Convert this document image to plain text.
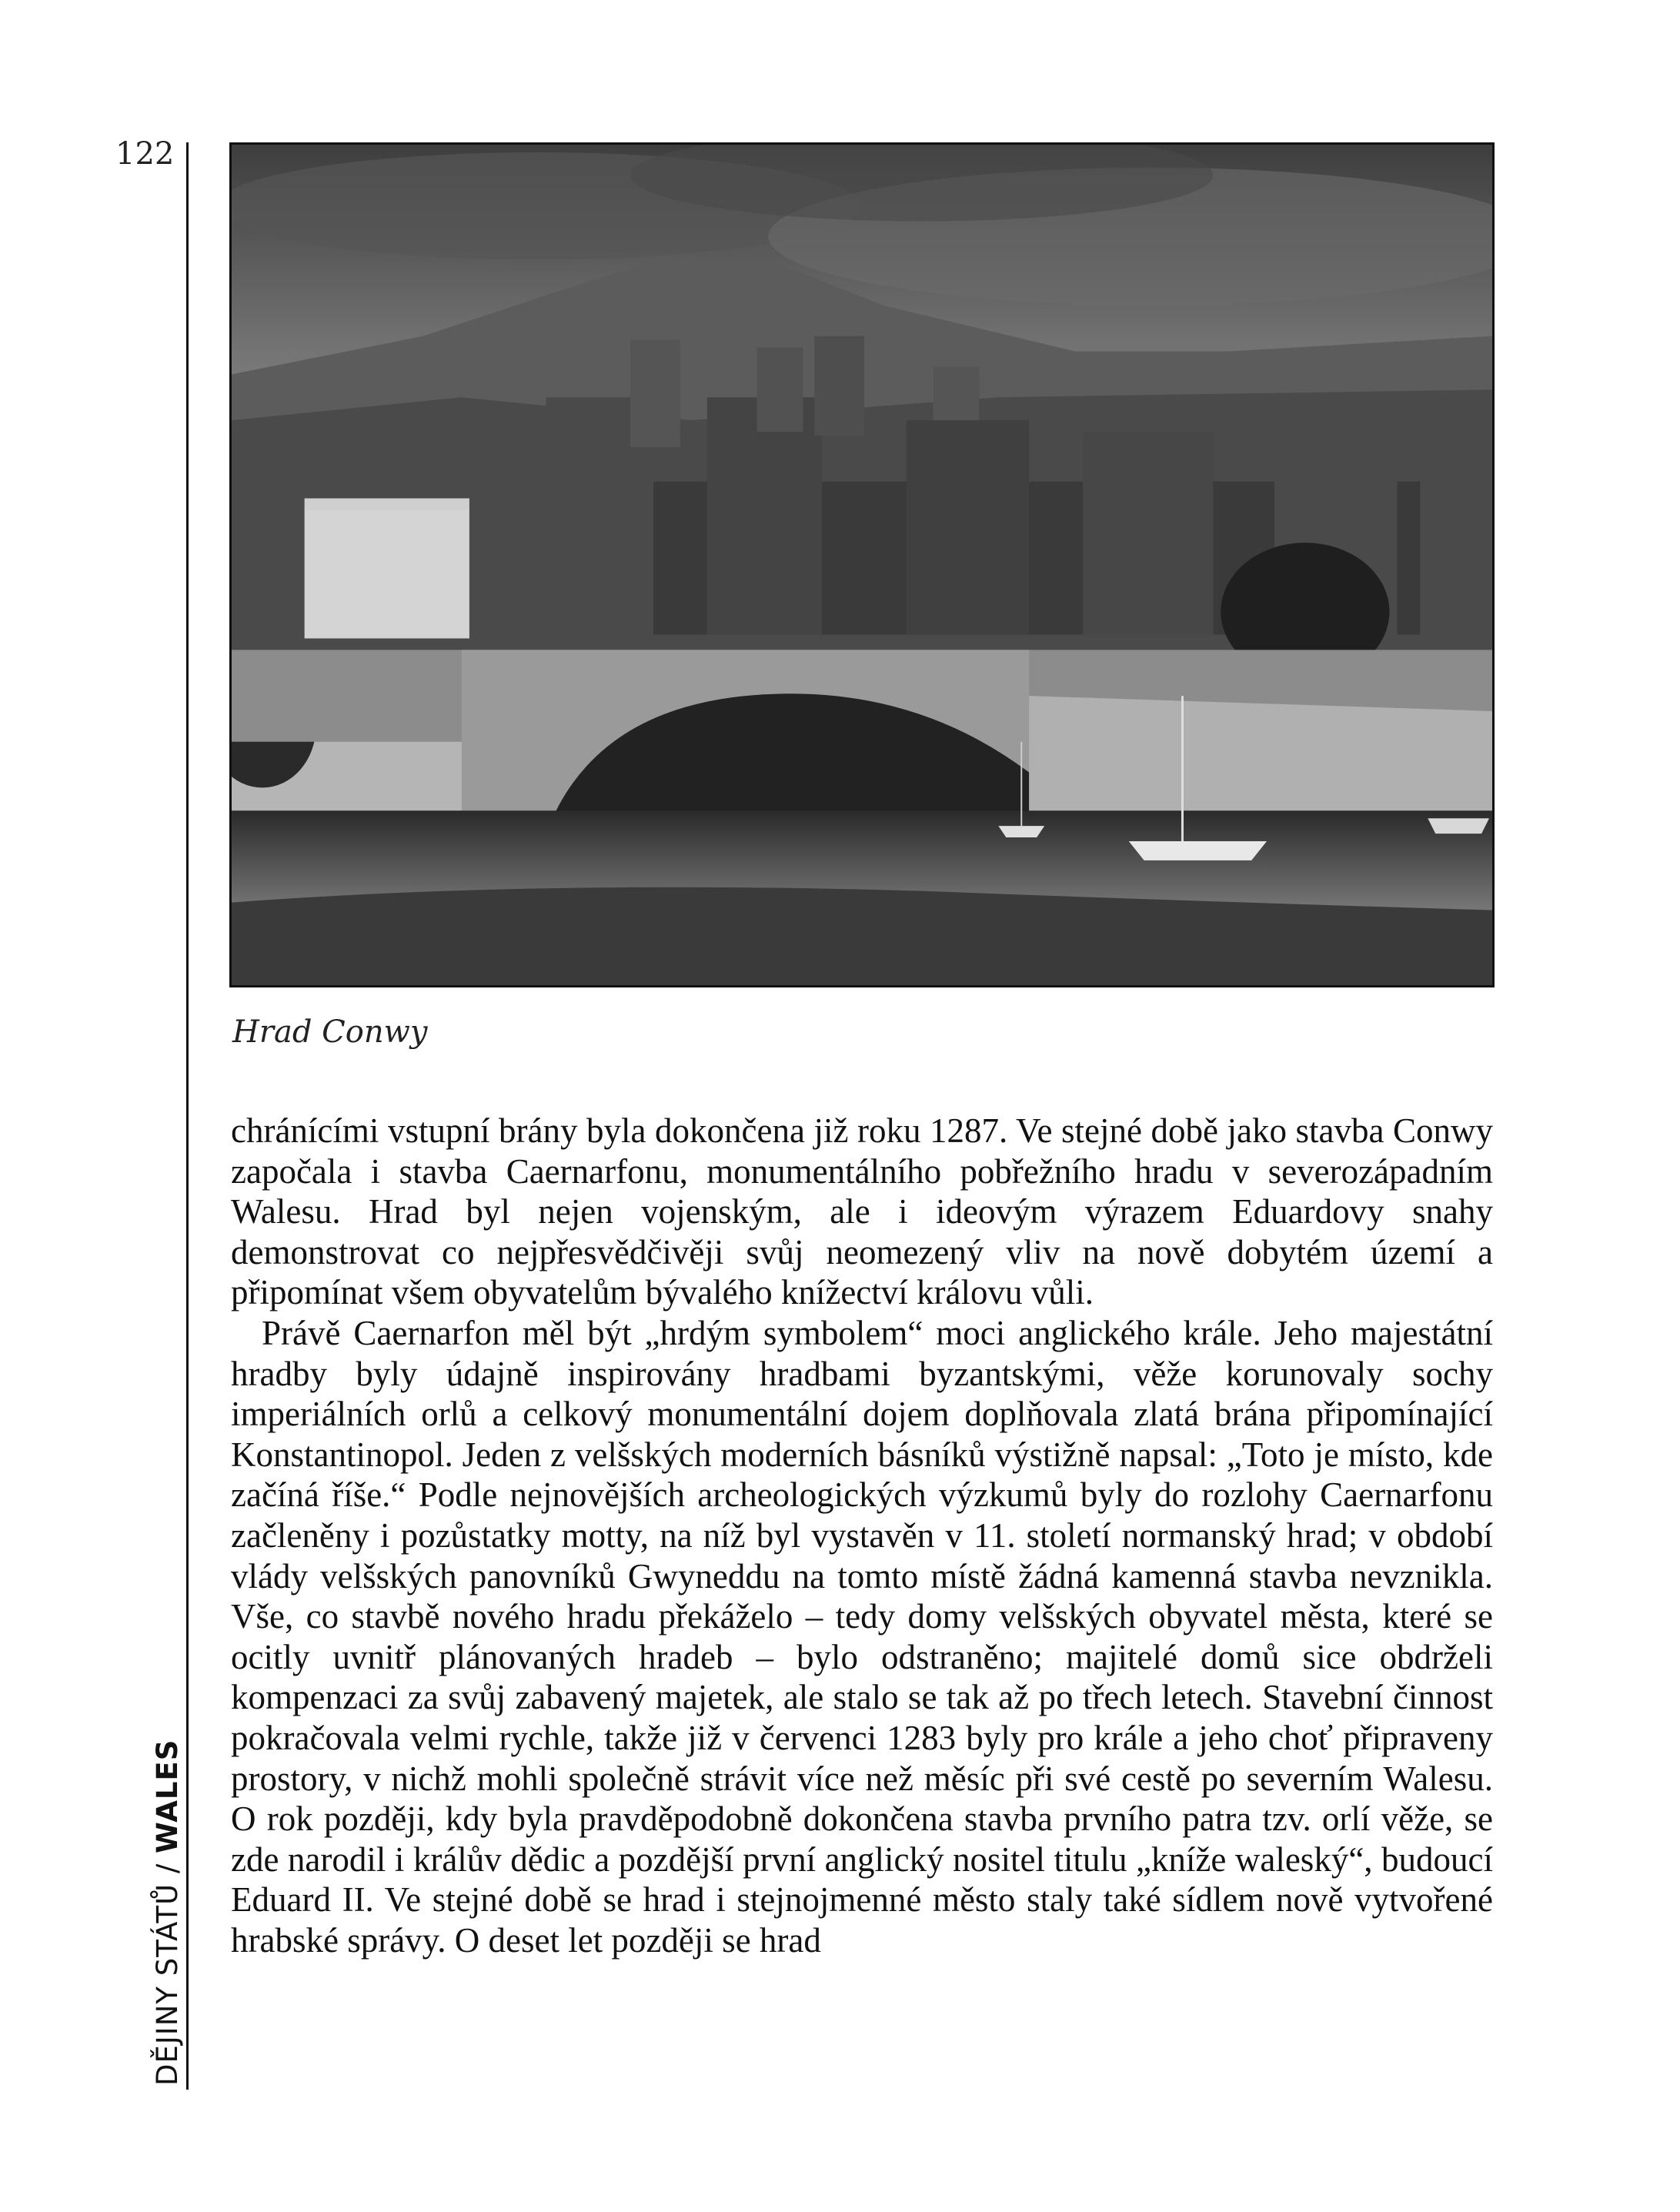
122
DĚJINY STÁTŮ / WALES
Hrad Conwy

chránícími vstupní brány byla dokončena již roku 1287. Ve stejné době jako stavba Conwy započala i stavba Caernarfonu, monumentálního pobřežního hradu v severozápadním Walesu. Hrad byl nejen vojenským, ale i ideovým výrazem Eduardovy snahy demonstrovat co nejpřesvědčivěji svůj neomezený vliv na nově dobytém území a připomínat všem obyvatelům bývalého knížectví královu vůli.

Právě Caernarfon měl být „hrdým symbolem“ moci anglického krále. Jeho majestátní hradby byly údajně inspirovány hradbami byzantskými, věže korunovaly sochy imperiálních orlů a celkový monumentální dojem doplňovala zlatá brána připomínající Konstantinopol. Jeden z velšských moderních básníků výstižně napsal: „Toto je místo, kde začíná říše.“ Podle nejnovějších archeologických výzkumů byly do rozlohy Caernarfonu začleněny i pozůstatky motty, na níž byl vystavěn v 11. století normanský hrad; v období vlády velšských panovníků Gwyneddu na tomto místě žádná kamenná stavba nevznikla. Vše, co stavbě nového hradu překáželo – tedy domy velšských obyvatel města, které se ocitly uvnitř plánovaných hradeb – bylo odstraněno; majitelé domů sice obdrželi kompenzaci za svůj zabavený majetek, ale stalo se tak až po třech letech. Stavební činnost pokračovala velmi rychle, takže již v červenci 1283 byly pro krále a jeho choť připraveny prostory, v nichž mohli společně strávit více než měsíc při své cestě po severním Walesu. O rok později, kdy byla pravděpodobně dokončena stavba prvního patra tzv. orlí věže, se zde narodil i králův dědic a pozdější první anglický nositel titulu „kníže waleský“, budoucí Eduard II. Ve stejné době se hrad i stejnojmenné město staly také sídlem nově vytvořené hrabské správy. O deset let později se hrad
